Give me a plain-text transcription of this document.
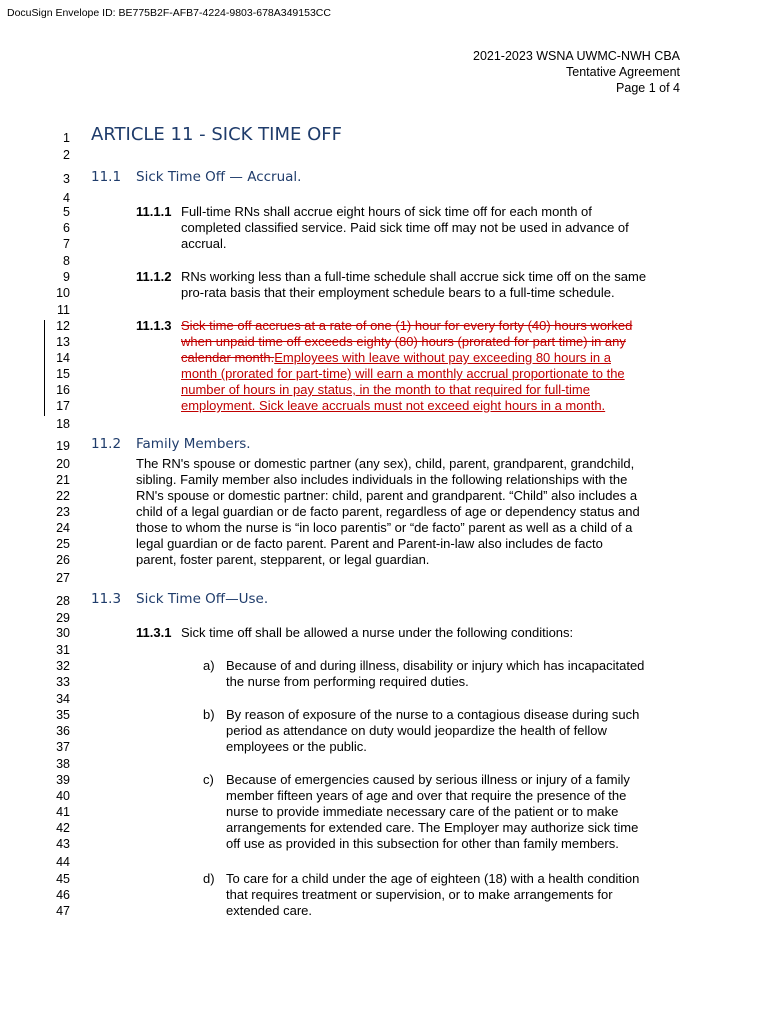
DocuSign Envelope ID: BE775B2F-AFB7-4224-9803-678A349153CC
2021-2023 WSNA UWMC-NWH CBA
Tentative Agreement
Page 1 of 4
1
2
3
4
5
6
7
8
9
10
11
12
13
14
15
16
17
18
19
20
21
22
23
24
25
26
27
28
29
30
31
32
33
34
35
36
37
38
39
40
41
42
43
44
45
46
47
ARTICLE 11 - SICK TIME OFF
11.1 Sick Time Off — Accrual.
11.1.1 Full-time RNs shall accrue eight hours of sick time off for each month of
completed classified service. Paid sick time off may not be used in advance of
accrual.
11.1.2 RNs working less than a full-time schedule shall accrue sick time off on the same
pro-rata basis that their employment schedule bears to a full-time schedule.
11.1.3 Sick time off accrues at a rate of one (1) hour for every forty (40) hours worked
when unpaid time off exceeds eighty (80) hours (prorated for part time) in any
calendar month.Employees with leave without pay exceeding 80 hours in a
month (prorated for part-time) will earn a monthly accrual proportionate to the
number of hours in pay status, in the month to that required for full-time
employment. Sick leave accruals must not exceed eight hours in a month.
11.2 Family Members.
The RN's spouse or domestic partner (any sex), child, parent, grandparent, grandchild,
sibling. Family member also includes individuals in the following relationships with the
RN's spouse or domestic partner: child, parent and grandparent. “Child” also includes a
child of a legal guardian or de facto parent, regardless of age or dependency status and
those to whom the nurse is “in loco parentis” or “de facto” parent as well as a child of a
legal guardian or de facto parent. Parent and Parent-in-law also includes de facto
parent, foster parent, stepparent, or legal guardian.
11.3 Sick Time Off—Use.
11.3.1 Sick time off shall be allowed a nurse under the following conditions:
a) Because of and during illness, disability or injury which has incapacitated
the nurse from performing required duties.
b) By reason of exposure of the nurse to a contagious disease during such
period as attendance on duty would jeopardize the health of fellow
employees or the public.
c) Because of emergencies caused by serious illness or injury of a family
member fifteen years of age and over that require the presence of the
nurse to provide immediate necessary care of the patient or to make
arrangements for extended care. The Employer may authorize sick time
off use as provided in this subsection for other than family members.
d) To care for a child under the age of eighteen (18) with a health condition
that requires treatment or supervision, or to make arrangements for
extended care.
